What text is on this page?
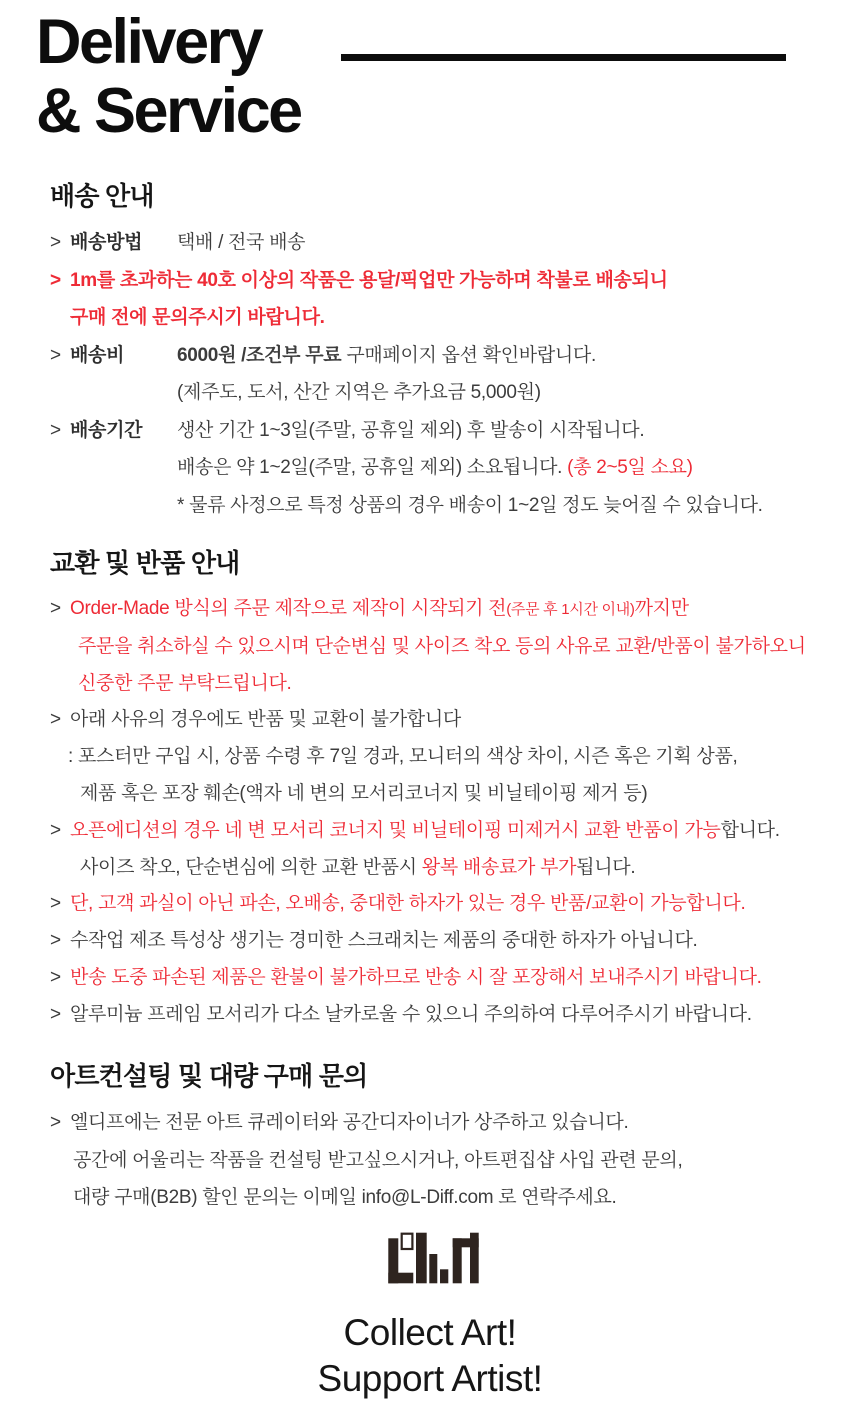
Delivery
& Service
배송 안내
> 배송방법 택배 / 전국 배송
> 1m를 초과하는 40호 이상의 작품은 용달/픽업만 가능하며 착불로 배송되니
구매 전에 문의주시기 바랍니다.
> 배송비	6000원 /조건부 무료 구매페이지 옵션 확인바랍니다.
(제주도, 도서, 산간 지역은 추가요금 5,000원)
> 배송기간 생산 기간 1~3일(주말, 공휴일 제외) 후 발송이 시작됩니다.
배송은 약 1~2일(주말, 공휴일 제외) 소요됩니다. (총 2~5일 소요)
* 물류 사정으로 특정 상품의 경우 배송이 1~2일 정도 늦어질 수 있습니다.
교환 및 반품 안내
> Order-Made 방식의 주문 제작으로 제작이 시작되기 전(주문 후 1시간 이내)까지만
주문을 취소하실 수 있으시며 단순변심 및 사이즈 착오 등의 사유로 교환/반품이 불가하오니
신중한 주문 부탁드립니다.
> 아래 사유의 경우에도 반품 및 교환이 불가합니다
: 포스터만 구입 시, 상품 수령 후 7일 경과, 모니터의 색상 차이, 시즌 혹은 기획 상품,
제품 혹은 포장 훼손(액자 네 변의 모서리코너지 및 비닐테이핑 제거 등)
> 오픈에디션의 경우 네 변 모서리 코너지 및 비닐테이핑 미제거시 교환 반품이 가능합니다.
사이즈 착오, 단순변심에 의한 교환 반품시 왕복 배송료가 부가됩니다.
> 단, 고객 과실이 아닌 파손, 오배송, 중대한 하자가 있는 경우 반품/교환이 가능합니다.
> 수작업 제조 특성상 생기는 경미한 스크래치는 제품의 중대한 하자가 아닙니다.
> 반송 도중 파손된 제품은 환불이 불가하므로 반송 시 잘 포장해서 보내주시기 바랍니다.
> 알루미늄 프레임 모서리가 다소 날카로울 수 있으니 주의하여 다루어주시기 바랍니다.
아트컨설팅 및 대량 구매 문의
> 엘디프에는 전문 아트 큐레이터와 공간디자이너가 상주하고 있습니다.
공간에 어울리는 작품을 컨설팅 받고싶으시거나, 아트편집샵 사입 관련 문의,
대량 구매(B2B) 할인 문의는 이메일 info@L-Diff.com 로 연락주세요.
Collect Art!
Support Artist!
